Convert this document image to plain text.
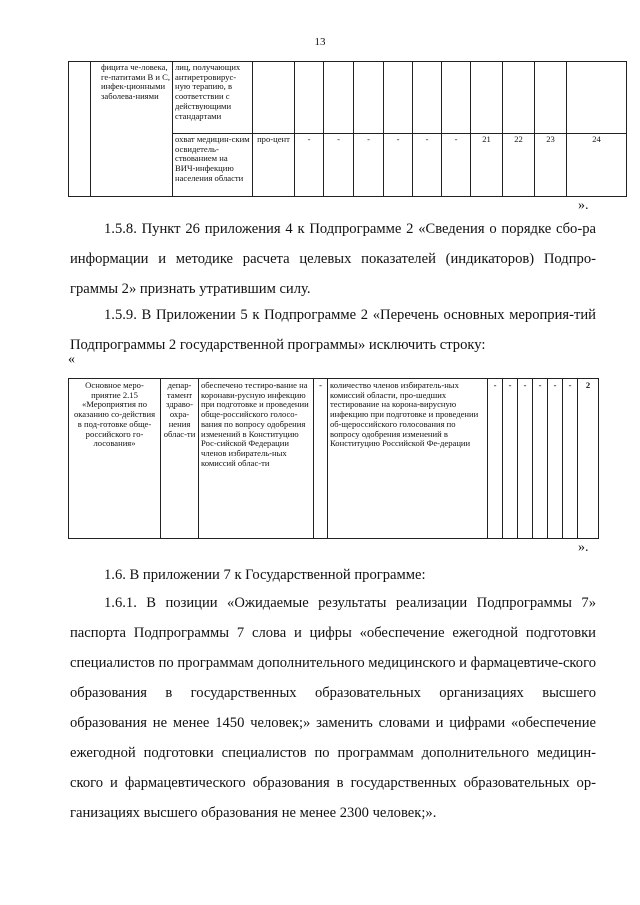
13
	фицита че-ловека, ге-патитами В и С, инфек-ционными заболева-ниями	лиц, получающих антиретровирус-ную терапию, в соответствии с действующими стандартами											
		охват медицин-ским освидетель-ствованием на ВИЧ-инфекцию населения области	про-цент	-	-	-	-	-	-	21	22	23	24
».

1.5.8. Пункт 26 приложения 4 к Подпрограмме 2 «Сведения о порядке сбо-ра информации и методике расчета целевых показателей (индикаторов) Подпро-граммы 2» признать утратившим силу.

1.5.9. В Приложении 5 к Подпрограмме 2 «Перечень основных мероприя-тий Подпрограммы 2 государственной программы» исключить строку:

«
Основное меро-приятие 2.15 «Мероприятия по оказанию со-действия в под-готовке обще-российского го-лосования»	депар-тамент здраво-охра-нения облас-ти	обеспечено тестиро-вание на коронави-русную инфекцию при подготовке и проведении обще-российского голосо-вания по вопросу одобрения изменений в Конституцию Рос-сийской Федерации членов избиратель-ных комиссий облас-ти	-	количество членов избиратель-ных комиссий области, про-шедших тестирование на корона-вирусную инфекцию при подготовке и проведении об-щероссийского голосования по вопросу одобрения изменений в Конституцию Российской Фе-дерации	-	-	-	-	-	-	2
».

1.6. В приложении 7 к Государственной программе:

1.6.1. В позиции «Ожидаемые результаты реализации Подпрограммы 7» паспорта Подпрограммы 7 слова и цифры «обеспечение ежегодной подготовки специалистов по программам дополнительного медицинского и фармацевтиче-ского образования в государственных образовательных организациях высшего образования не менее 1450 человек;» заменить словами и цифрами «обеспечение ежегодной подготовки специалистов по программам дополнительного медицин-ского и фармацевтического образования в государственных образовательных ор-ганизациях высшего образования не менее 2300 человек;».
